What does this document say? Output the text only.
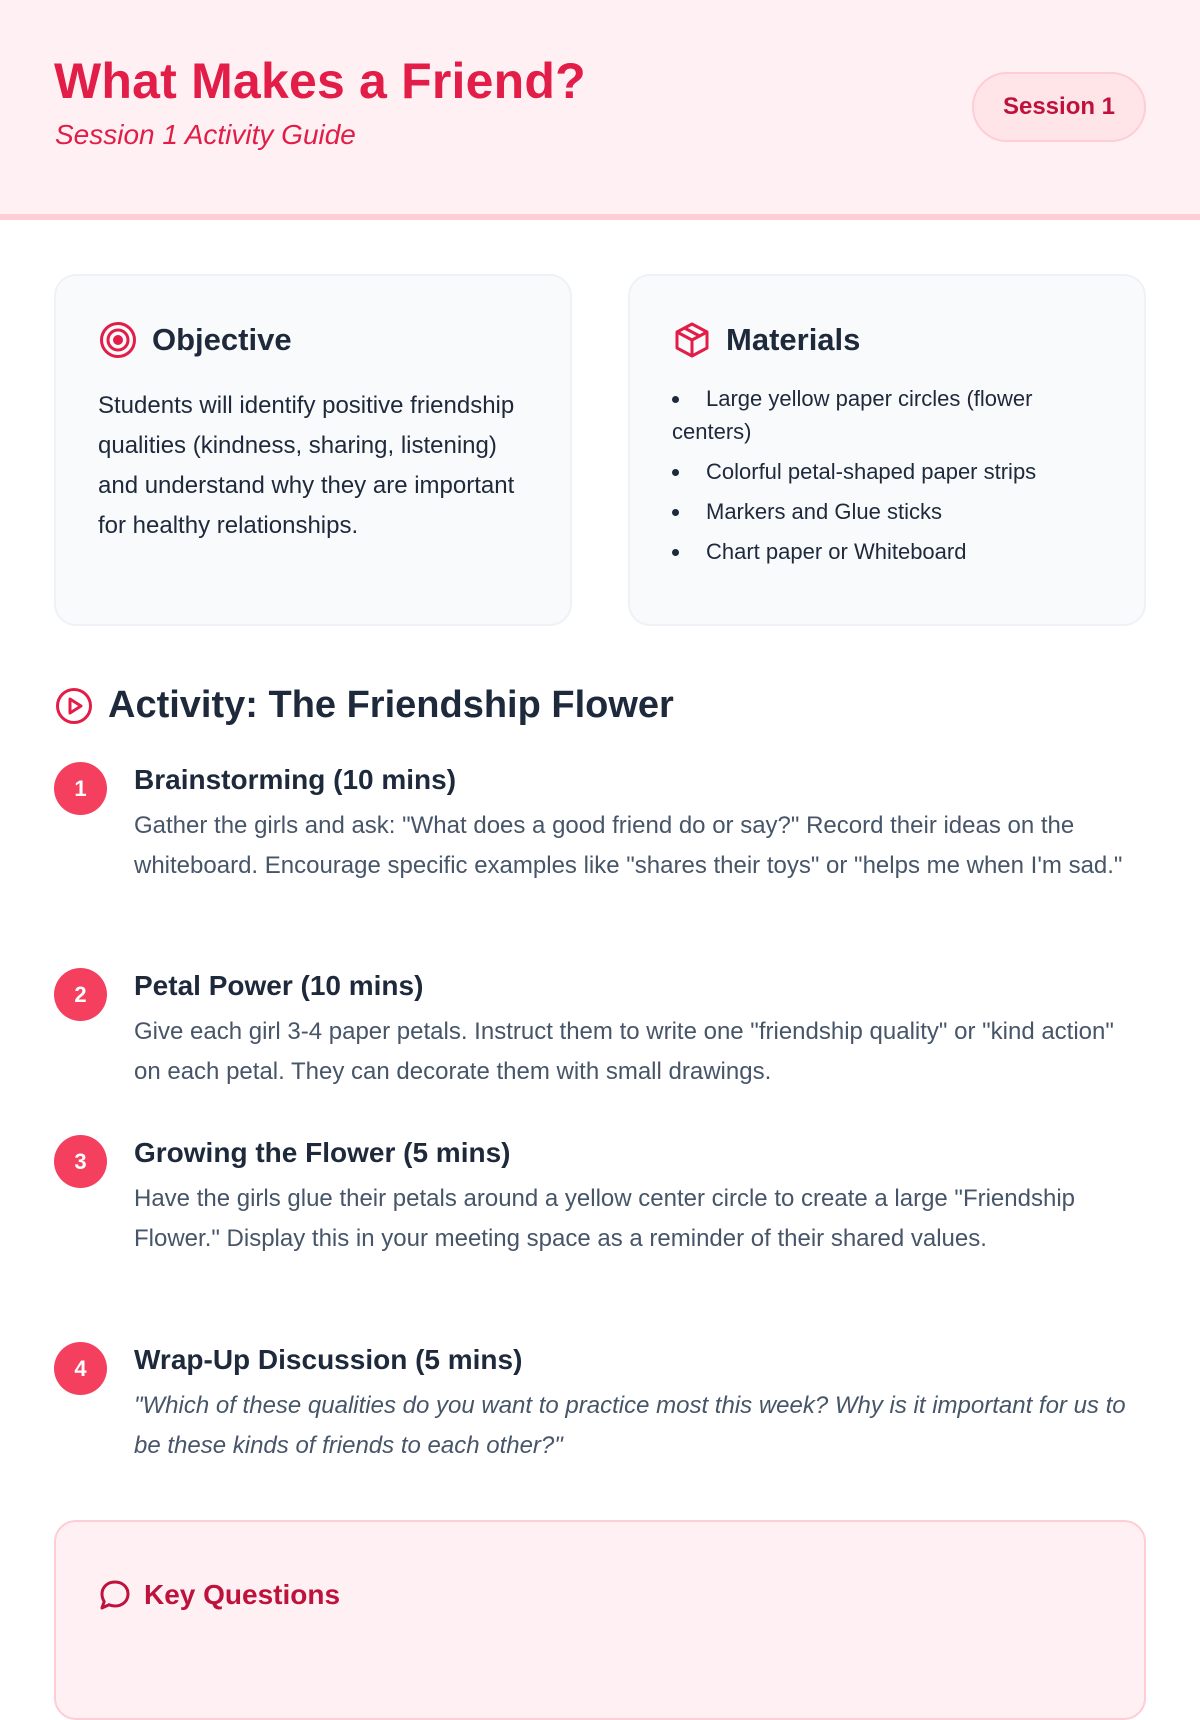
What Makes a Friend?
Session 1 Activity Guide
Session 1
Objective

Students will identify positive friendship qualities (kindness, sharing, listening) and understand why they are important for healthy relationships.

Materials
Large yellow paper circles (flower centers)
Colorful petal-shaped paper strips
Markers and Glue sticks
Chart paper or Whiteboard
Activity: The Friendship Flower
1	Brainstorming (10 mins)

Gather the girls and ask: "What does a good friend do or say?" Record their ideas on the whiteboard. Encourage specific examples like "shares their toys" or "helps me when I'm sad."

2	Petal Power (10 mins)

Give each girl 3-4 paper petals. Instruct them to write one "friendship quality" or "kind action" on each petal. They can decorate them with small drawings.

3	Growing the Flower (5 mins)

Have the girls glue their petals around a yellow center circle to create a large "Friendship Flower." Display this in your meeting space as a reminder of their shared values.

4	Wrap-Up Discussion (5 mins)

"Which of these qualities do you want to practice most this week? Why is it important for us to be these kinds of friends to each other?"

Key Questions
